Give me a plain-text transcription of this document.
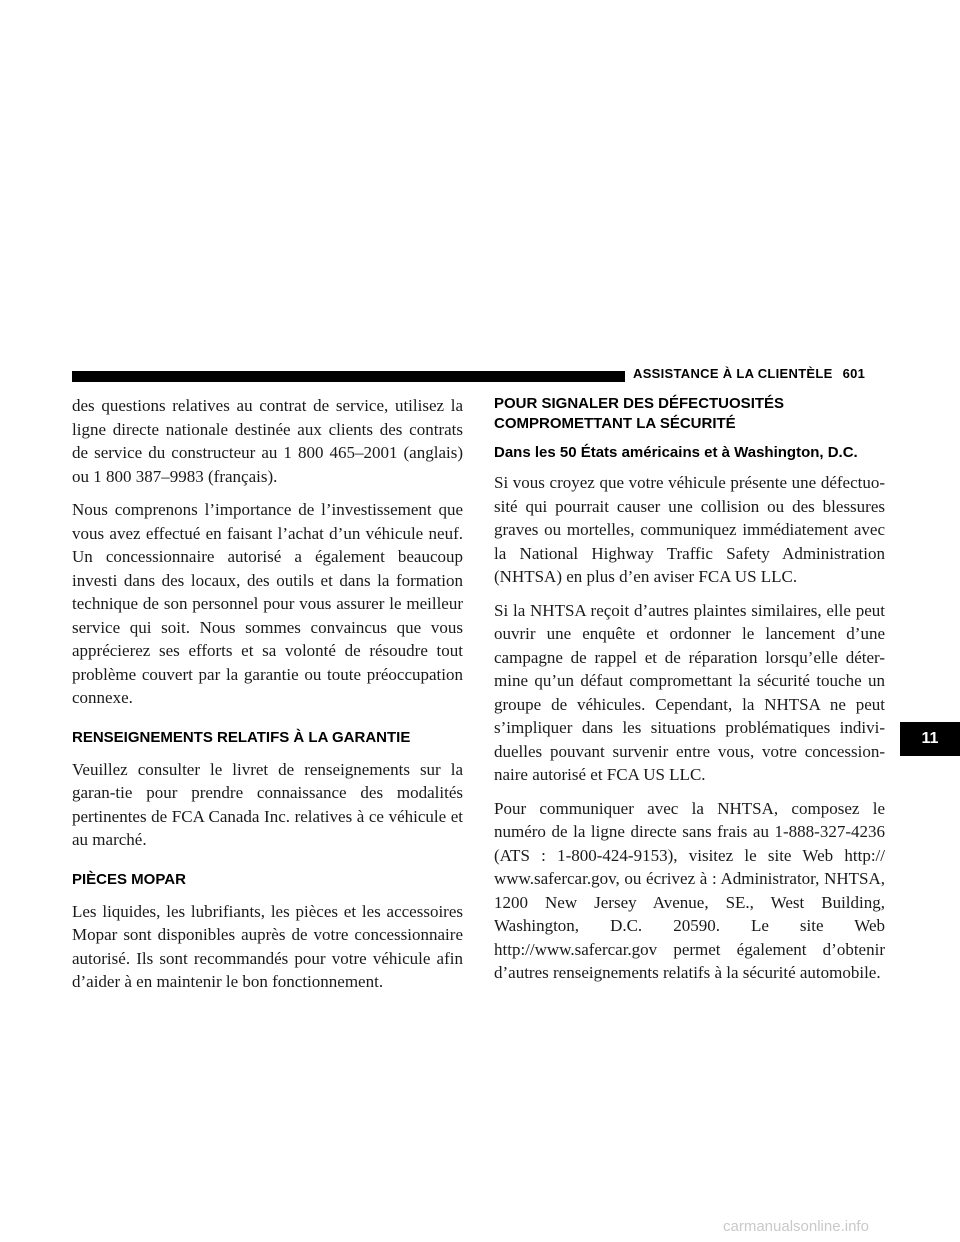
ASSISTANCE À LA CLIENTÈLE 601

des questions relatives au contrat de service, utilisez la ligne directe nationale destinée aux clients des contrats de service du constructeur au 1 800 465–2001 (anglais) ou 1 800 387–9983 (français).

Nous comprenons l’importance de l’investissement que vous avez effectué en faisant l’achat d’un véhicule neuf. Un concessionnaire autorisé a également beaucoup investi dans des locaux, des outils et dans la formation technique de son personnel pour vous assurer le meilleur service qui soit. Nous sommes convaincus que vous apprécierez ses efforts et sa volonté de résoudre tout problème couvert par la garantie ou toute préoccupation connexe.

RENSEIGNEMENTS RELATIFS À LA GARANTIE

Veuillez consulter le livret de renseignements sur la garan-tie pour prendre connaissance des modalités pertinentes de FCA Canada Inc. relatives à ce véhicule et au marché.

PIÈCES MOPAR

Les liquides, les lubrifiants, les pièces et les accessoires Mopar sont disponibles auprès de votre concessionnaire autorisé. Ils sont recommandés pour votre véhicule afin d’aider à en maintenir le bon fonctionnement.

POUR SIGNALER DES DÉFECTUOSITÉS
COMPROMETTANT LA SÉCURITÉ
Dans les 50 États américains et à Washington, D.C.

Si vous croyez que votre véhicule présente une défectuo-sité qui pourrait causer une collision ou des blessures graves ou mortelles, communiquez immédiatement avec la National Highway Traffic Safety Administration (NHTSA) en plus d’en aviser FCA US LLC.

Si la NHTSA reçoit d’autres plaintes similaires, elle peut ouvrir une enquête et ordonner le lancement d’une campagne de rappel et de réparation lorsqu’elle déter-mine qu’un défaut compromettant la sécurité touche un groupe de véhicules. Cependant, la NHTSA ne peut s’impliquer dans les situations problématiques indivi-duelles pouvant survenir entre vous, votre concession-naire autorisé et FCA US LLC.

Pour communiquer avec la NHTSA, composez le numéro de la ligne directe sans frais au 1-888-327-4236 (ATS : 1-800-424-9153), visitez le site Web http:// www.safercar.gov, ou écrivez à : Administrator, NHTSA, 1200 New Jersey Avenue, SE., West Building, Washington, D.C. 20590. Le site Web http://www.safercar.gov permet également d’obtenir d’autres renseignements relatifs à la sécurité automobile.

11
carmanualsonline.info
